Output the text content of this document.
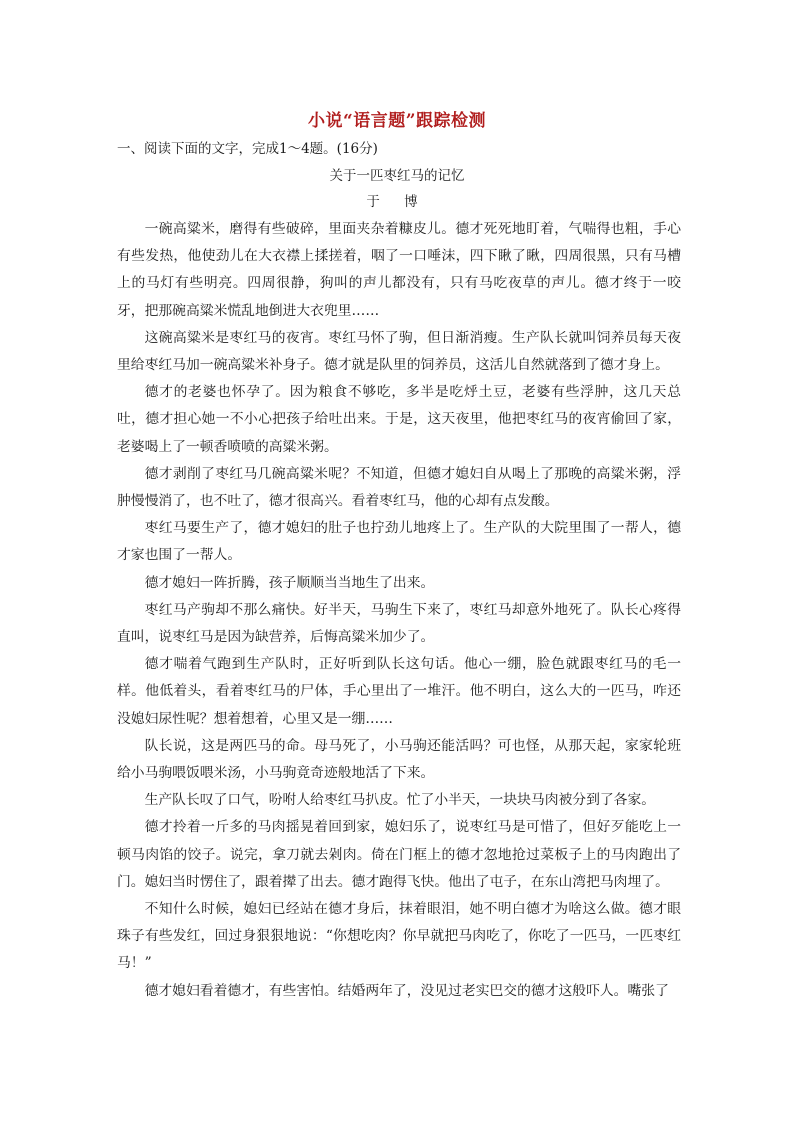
小说“语言题”跟踪检测
一、阅读下面的文字，完成1～4题。(16分)
关于一匹枣红马的记忆
于 博

一碗高粱米，磨得有些破碎，里面夹杂着糠皮儿。德才死死地盯着，气喘得也粗，手心有些发热，他使劲儿在大衣襟上揉搓着，咽了一口唾沫，四下瞅了瞅，四周很黑，只有马槽上的马灯有些明亮。四周很静，狗叫的声儿都没有，只有马吃夜草的声儿。德才终于一咬牙，把那碗高粱米慌乱地倒进大衣兜里……

这碗高粱米是枣红马的夜宵。枣红马怀了驹，但日渐消瘦。生产队长就叫饲养员每天夜里给枣红马加一碗高粱米补身子。德才就是队里的饲养员，这活儿自然就落到了德才身上。

德才的老婆也怀孕了。因为粮食不够吃，多半是吃烀土豆，老婆有些浮肿，这几天总吐，德才担心她一不小心把孩子给吐出来。于是，这天夜里，他把枣红马的夜宵偷回了家，老婆喝上了一顿香喷喷的高粱米粥。

德才剥削了枣红马几碗高粱米呢？不知道，但德才媳妇自从喝上了那晚的高粱米粥，浮肿慢慢消了，也不吐了，德才很高兴。看着枣红马，他的心却有点发酸。

枣红马要生产了，德才媳妇的肚子也拧劲儿地疼上了。生产队的大院里围了一帮人，德才家也围了一帮人。

德才媳妇一阵折腾，孩子顺顺当当地生了出来。

枣红马产驹却不那么痛快。好半天，马驹生下来了，枣红马却意外地死了。队长心疼得直叫，说枣红马是因为缺营养，后悔高粱米加少了。

德才喘着气跑到生产队时，正好听到队长这句话。他心一绷，脸色就跟枣红马的毛一样。他低着头，看着枣红马的尸体，手心里出了一堆汗。他不明白，这么大的一匹马，咋还没媳妇尿性呢？想着想着，心里又是一绷……

队长说，这是两匹马的命。母马死了，小马驹还能活吗？可也怪，从那天起，家家轮班给小马驹喂饭喂米汤，小马驹竟奇迹般地活了下来。

生产队长叹了口气，吩咐人给枣红马扒皮。忙了小半天，一块块马肉被分到了各家。

德才拎着一斤多的马肉摇晃着回到家，媳妇乐了，说枣红马是可惜了，但好歹能吃上一顿马肉馅的饺子。说完，拿刀就去剁肉。倚在门框上的德才忽地抢过菜板子上的马肉跑出了门。媳妇当时愣住了，跟着撵了出去。德才跑得飞快。他出了屯子，在东山湾把马肉埋了。

不知什么时候，媳妇已经站在德才身后，抹着眼泪，她不明白德才为啥这么做。德才眼珠子有些发红，回过身狠狠地说：“你想吃肉？你早就把马肉吃了，你吃了一匹马，一匹枣红马！”

德才媳妇看着德才，有些害怕。结婚两年了，没见过老实巴交的德才这般吓人。嘴张了
